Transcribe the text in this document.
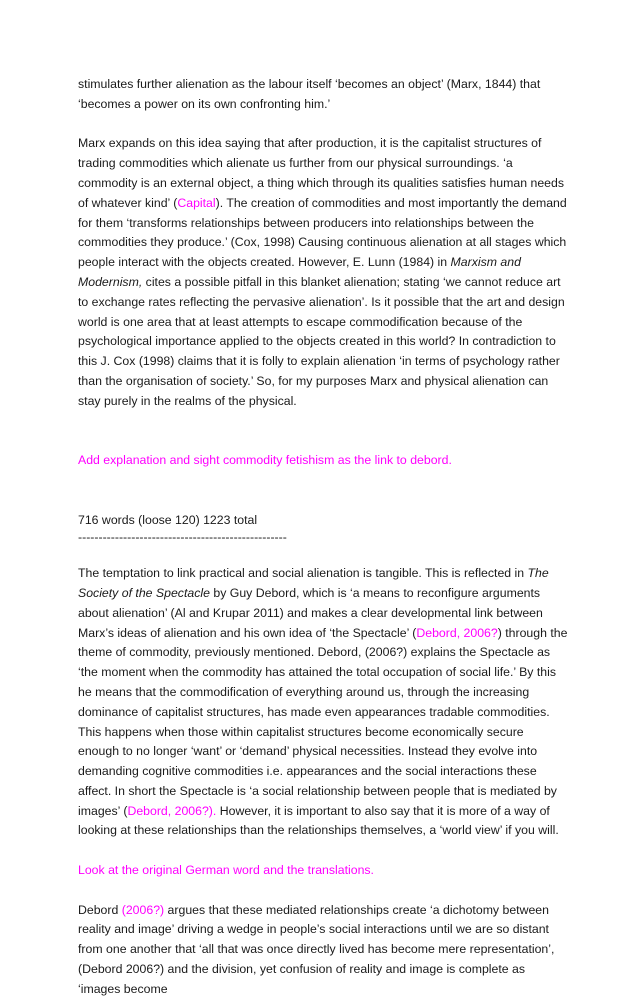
stimulates further alienation as the labour itself ‘becomes an object’ (Marx, 1844) that ‘becomes a power on its own confronting him.’

Marx expands on this idea saying that after production, it is the capitalist structures of trading commodities which alienate us further from our physical surroundings. ‘a commodity is an external object, a thing which through its qualities satisfies human needs of whatever kind’ (Capital). The creation of commodities and most importantly the demand for them ‘transforms relationships between producers into relationships between the commodities they produce.’ (Cox, 1998) Causing continuous alienation at all stages which people interact with the objects created. However, E. Lunn (1984) in Marxism and Modernism, cites a possible pitfall in this blanket alienation; stating ‘we cannot reduce art to exchange rates reflecting the pervasive alienation’. Is it possible that the art and design world is one area that at least attempts to escape commodification because of the psychological importance applied to the objects created in this world? In contradiction to this J. Cox (1998) claims that it is folly to explain alienation ‘in terms of psychology rather than the organisation of society.’ So, for my purposes Marx and physical alienation can stay purely in the realms of the physical.

Add explanation and sight commodity fetishism as the link to debord.

716 words (loose 120) 1223 total

---------------------------------------------------

The temptation to link practical and social alienation is tangible. This is reflected in The Society of the Spectacle by Guy Debord, which is ‘a means to reconfigure arguments about alienation’ (Al and Krupar 2011) and makes a clear developmental link between Marx’s ideas of alienation and his own idea of ‘the Spectacle’ (Debord, 2006?) through the theme of commodity, previously mentioned. Debord, (2006?) explains the Spectacle as ‘the moment when the commodity has attained the total occupation of social life.’ By this he means that the commodification of everything around us, through the increasing dominance of capitalist structures, has made even appearances tradable commodities. This happens when those within capitalist structures become economically secure enough to no longer ‘want’ or ‘demand’ physical necessities. Instead they evolve into demanding cognitive commodities i.e. appearances and the social interactions these affect. In short the Spectacle is ‘a social relationship between people that is mediated by images’ (Debord, 2006?). However, it is important to also say that it is more of a way of looking at these relationships than the relationships themselves, a ‘world view’ if you will.

Look at the original German word and the translations.

Debord (2006?) argues that these mediated relationships create ‘a dichotomy between reality and image’ driving a wedge in people’s social interactions until we are so distant from one another that ‘all that was once directly lived has become mere representation’, (Debord 2006?) and the division, yet confusion of reality and image is complete as ‘images become
